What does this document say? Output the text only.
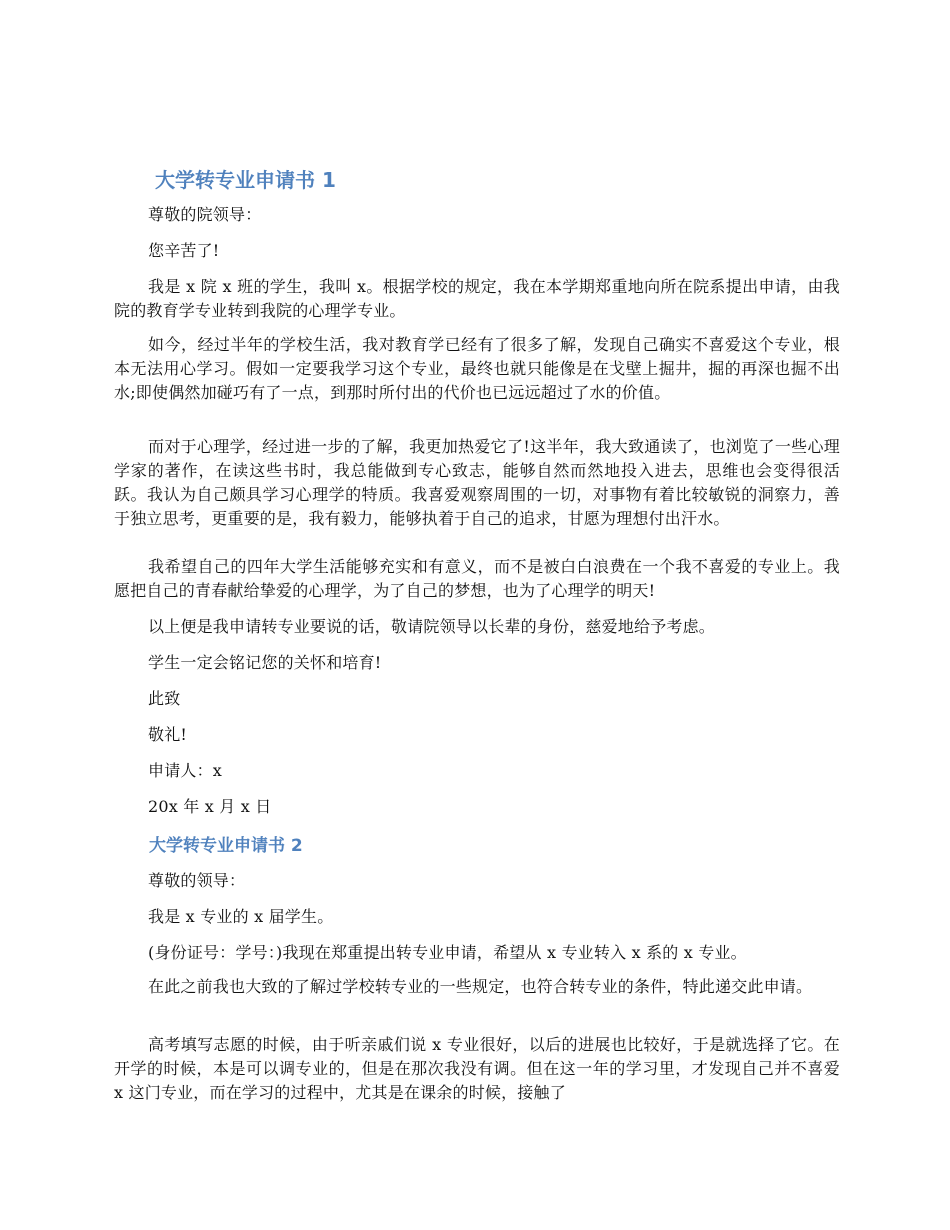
大学转专业申请书 1

尊敬的院领导：

您辛苦了!

我是 x 院 x 班的学生，我叫 x。根据学校的规定，我在本学期郑重地向所在院系提出申请，由我院的教育学专业转到我院的心理学专业。

如今，经过半年的学校生活，我对教育学已经有了很多了解，发现自己确实不喜爱这个专业，根本无法用心学习。假如一定要我学习这个专业，最终也就只能像是在戈壁上掘井，掘的再深也掘不出水;即使偶然加碰巧有了一点，到那时所付出的代价也已远远超过了水的价值。

而对于心理学，经过进一步的了解，我更加热爱它了!这半年，我大致通读了，也浏览了一些心理学家的著作，在读这些书时，我总能做到专心致志，能够自然而然地投入进去，思维也会变得很活跃。我认为自己颇具学习心理学的特质。我喜爱观察周围的一切，对事物有着比较敏锐的洞察力，善于独立思考，更重要的是，我有毅力，能够执着于自己的追求，甘愿为理想付出汗水。

我希望自己的四年大学生活能够充实和有意义，而不是被白白浪费在一个我不喜爱的专业上。我愿把自己的青春献给挚爱的心理学，为了自己的梦想，也为了心理学的明天!

以上便是我申请转专业要说的话，敬请院领导以长辈的身份，慈爱地给予考虑。

学生一定会铭记您的关怀和培育!

此致

敬礼!

申请人：x

20x 年 x 月 x 日

大学转专业申请书 2

尊敬的领导：

我是 x 专业的 x 届学生。

(身份证号：学号：)我现在郑重提出转专业申请，希望从 x 专业转入 x 系的 x 专业。

在此之前我也大致的了解过学校转专业的一些规定，也符合转专业的条件，特此递交此申请。

高考填写志愿的时候，由于听亲戚们说 x 专业很好，以后的进展也比较好，于是就选择了它。在开学的时候，本是可以调专业的，但是在那次我没有调。但在这一年的学习里，才发现自己并不喜爱 x 这门专业，而在学习的过程中，尤其是在课余的时候，接触了
